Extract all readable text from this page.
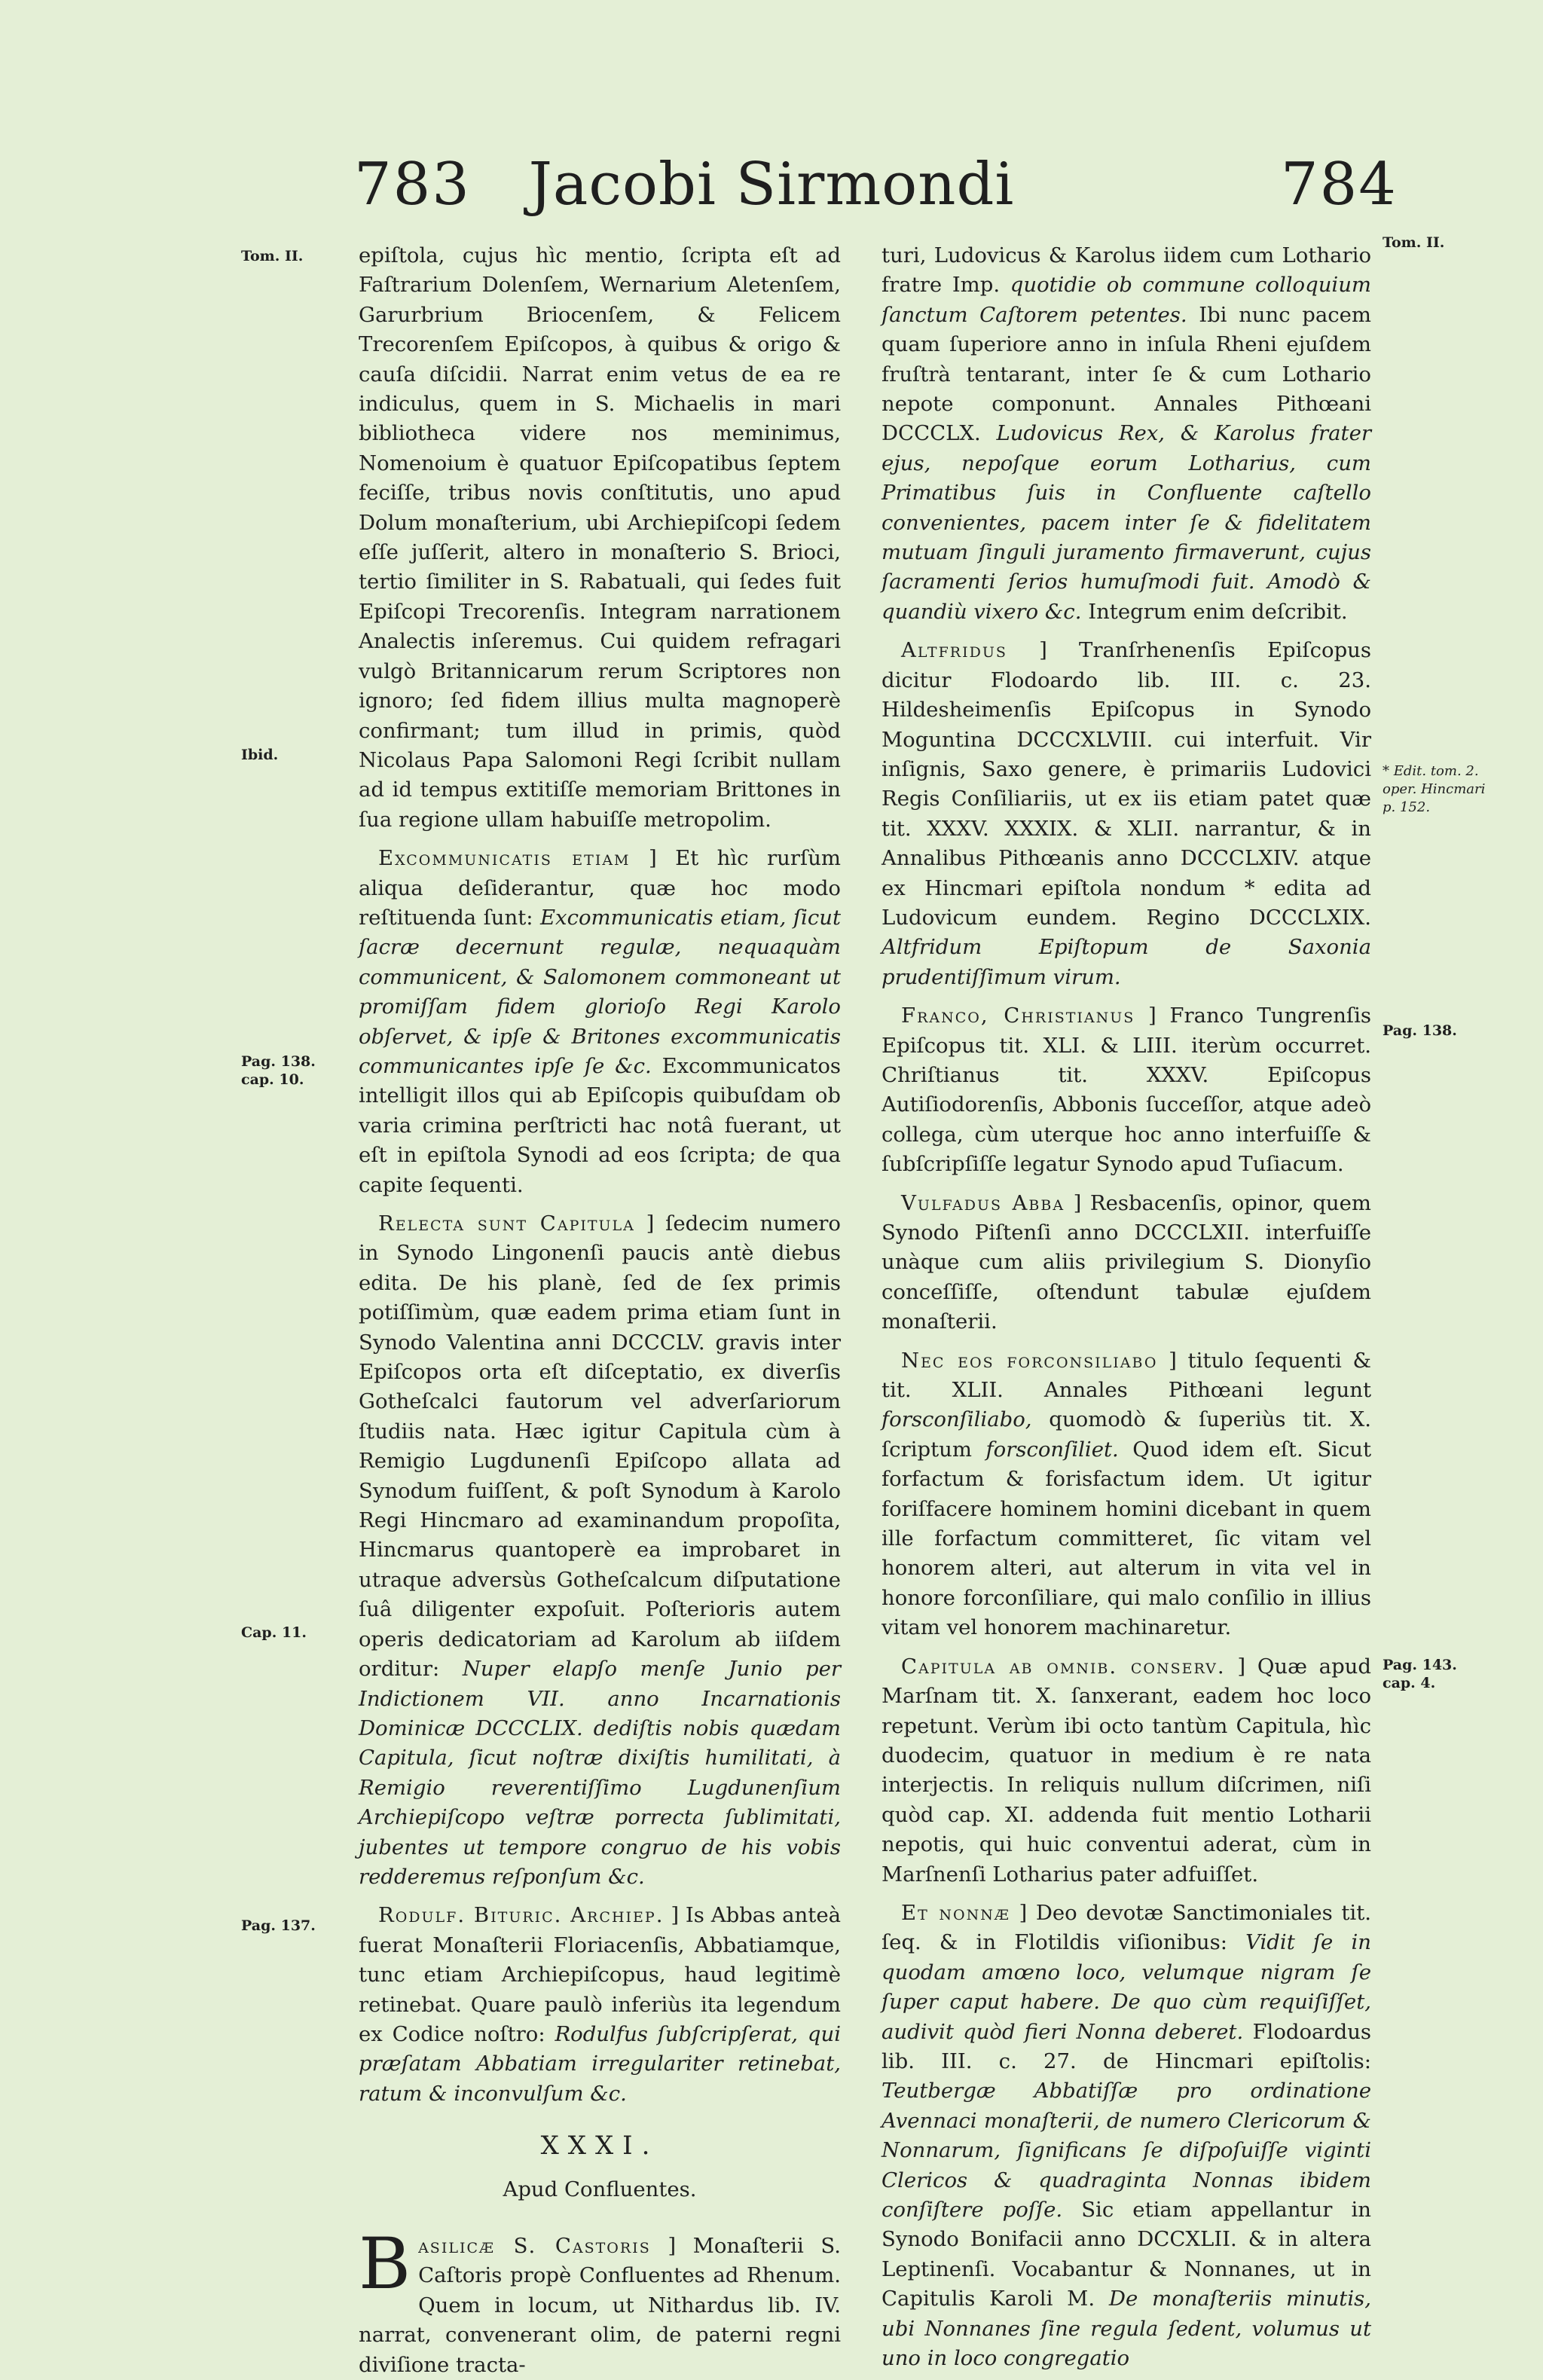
783 Jacobi Sirmondi	784
Tom. II.
Ibid.
Pag. 138.
cap. 10.
Cap. 11.
Pag. 137.
Tom. II.
* Edit. tom. 2. oper. Hincmari p. 152.
Pag. 138.
Pag. 143.
cap. 4.

epiſtola, cujus hìc mentio, ſcripta eſt ad Faſtrarium Dolenſem, Wernarium Aletenſem, Garurbrium Briocenſem, & Felicem Trecorenſem Epiſcopos, à quibus & origo & cauſa diſcidii. Narrat enim vetus de ea re indiculus, quem in S. Michaelis in mari bibliotheca videre nos meminimus, Nomenoium è quatuor Epiſcopatibus ſeptem feciſſe, tribus novis conſtitutis, uno apud Dolum monaſterium, ubi Archiepiſcopi ſedem eſſe juſſerit, altero in monaſterio S. Brioci, tertio ſimiliter in S. Rabatuali, qui ſedes fuit Epiſcopi Trecorenſis. Integram narrationem Analectis inſeremus. Cui quidem refragari vulgò Britannicarum rerum Scriptores non ignoro; ſed fidem illius multa magnoperè confirmant; tum illud in primis, quòd Nicolaus Papa Salomoni Regi ſcribit nullam ad id tempus extitiſſe memoriam Brittones in ſua regione ullam habuiſſe metropolim.

Excommunicatis etiam ] Et hìc rurſùm aliqua deſiderantur, quæ hoc modo reſtituenda ſunt: Excommunicatis etiam, ſicut ſacræ decernunt regulæ, nequaquàm communicent, & Salomonem commoneant ut promiſſam fidem glorioſo Regi Karolo obſervet, & ipſe & Britones excommunicatis communicantes ipſe ſe &c. Excommunicatos intelligit illos qui ab Epiſcopis quibuſdam ob varia crimina perſtricti hac notâ fuerant, ut eſt in epiſtola Synodi ad eos ſcripta; de qua capite ſequenti.

Relecta sunt Capitula ] ſedecim numero in Synodo Lingonenſi paucis antè diebus edita. De his planè, ſed de ſex primis potiſſimùm, quæ eadem prima etiam ſunt in Synodo Valentina anni DCCCLV. gravis inter Epiſcopos orta eſt diſceptatio, ex diverſis Gotheſcalci fautorum vel adverſariorum ſtudiis nata. Hæc igitur Capitula cùm à Remigio Lugdunenſi Epiſcopo allata ad Synodum fuiſſent, & poſt Synodum à Karolo Regi Hincmaro ad examinandum propoſita, Hincmarus quantoperè ea improbaret in utraque adversùs Gotheſcalcum diſputatione ſuâ diligenter expoſuit. Poſterioris autem operis dedicatoriam ad Karolum ab iiſdem orditur: Nuper elapſo menſe Junio per Indictionem VII. anno Incarnationis Dominicæ DCCCLIX. dediſtis nobis quædam Capitula, ſicut noſtræ dixiſtis humilitati, à Remigio reverentiſſimo Lugdunenſium Archiepiſcopo veſtræ porrecta ſublimitati, jubentes ut tempore congruo de his vobis redderemus reſponſum &c.

Rodulf. Bituric. Archiep. ] Is Abbas anteà fuerat Monaſterii Floriacenſis, Abbatiamque, tunc etiam Archiepiſcopus, haud legitimè retinebat. Quare paulò inferiùs ita legendum ex Codice noſtro: Rodulfus ſubſcripſerat, qui præſatam Abbatiam irregulariter retinebat, ratum & inconvulſum &c.

XXXI.
Apud Confluentes.

B asilicæ S. Castoris ] Monaſterii S. Caſtoris propè Confluentes ad Rhenum. Quem in locum, ut Nithardus lib. IV. narrat, convenerant olim, de paterni regni diviſione tracta-

turi, Ludovicus & Karolus iidem cum Lothario fratre Imp. quotidie ob commune colloquium ſanctum Caſtorem petentes. Ibi nunc pacem quam ſuperiore anno in inſula Rheni ejuſdem fruſtrà tentarant, inter ſe & cum Lothario nepote componunt. Annales Pithœani DCCCLX. Ludovicus Rex, & Karolus frater ejus, nepoſque eorum Lotharius, cum Primatibus ſuis in Confluente caſtello convenientes, pacem inter ſe & fidelitatem mutuam ſinguli juramento firmaverunt, cujus ſacramenti ſerios humuſmodi fuit. Amodò & quandiù vixero &c. Integrum enim deſcribit.

Altfridus ] Tranſrhenenſis Epiſcopus dicitur Flodoardo lib. III. c. 23. Hildesheimenſis Epiſcopus in Synodo Moguntina DCCCXLVIII. cui interfuit. Vir inſignis, Saxo genere, è primariis Ludovici Regis Conſiliariis, ut ex iis etiam patet quæ tit. XXXV. XXXIX. & XLII. narrantur, & in Annalibus Pithœanis anno DCCCLXIV. atque ex Hincmari epiſtola nondum * edita ad Ludovicum eundem. Regino DCCCLXIX. Altfridum Epiſtopum de Saxonia prudentiſſimum virum.

Franco, Christianus ] Franco Tungrenſis Epiſcopus tit. XLI. & LIII. iterùm occurret. Chriſtianus tit. XXXV. Epiſcopus Autiſiodorenſis, Abbonis ſucceſſor, atque adeò collega, cùm uterque hoc anno interfuiſſe & ſubſcripſiſſe legatur Synodo apud Tuſiacum.

Vulfadus Abba ] Resbacenſis, opinor, quem Synodo Piſtenſi anno DCCCLXII. interfuiſſe unàque cum aliis privilegium S. Dionyſio conceſſiſſe, oſtendunt tabulæ ejuſdem monaſterii.

Nec eos forconsiliabo ] titulo ſequenti & tit. XLII. Annales Pithœani legunt forsconſiliabo, quomodò & ſuperiùs tit. X. ſcriptum forsconſiliet. Quod idem eſt. Sicut forfactum & forisfactum idem. Ut igitur foriſfacere hominem homini dicebant in quem ille forfactum committeret, ſic vitam vel honorem alteri, aut alterum in vita vel in honore forconſiliare, qui malo conſilio in illius vitam vel honorem machinaretur.

Capitula ab omnib. conserv. ] Quæ apud Marſnam tit. X. ſanxerant, eadem hoc loco repetunt. Verùm ibi octo tantùm Capitula, hìc duodecim, quatuor in medium è re nata interjectis. In reliquis nullum diſcrimen, niſi quòd cap. XI. addenda fuit mentio Lotharii nepotis, qui huic conventui aderat, cùm in Marſnenſi Lotharius pater adfuiſſet.

Et nonnæ ] Deo devotæ Sanctimoniales tit. ſeq. & in Flotildis viſionibus: Vidit ſe in quodam amœno loco, velumque nigram ſe ſuper caput habere. De quo cùm requiſiſſet, audivit quòd fieri Nonna deberet. Flodoardus lib. III. c. 27. de Hincmari epiſtolis: Teutbergæ Abbatiſſæ pro ordinatione Avennaci monaſterii, de numero Clericorum & Nonnarum, ſignificans ſe diſpoſuiſſe viginti Clericos & quadraginta Nonnas ibidem conſiſtere poſſe. Sic etiam appellantur in Synodo Bonifacii anno DCCXLII. & in altera Leptinenſi. Vocabantur & Nonnanes, ut in Capitulis Karoli M. De monaſteriis minutis, ubi Nonnanes ſine regula ſedent, volumus ut uno in loco congregatio
